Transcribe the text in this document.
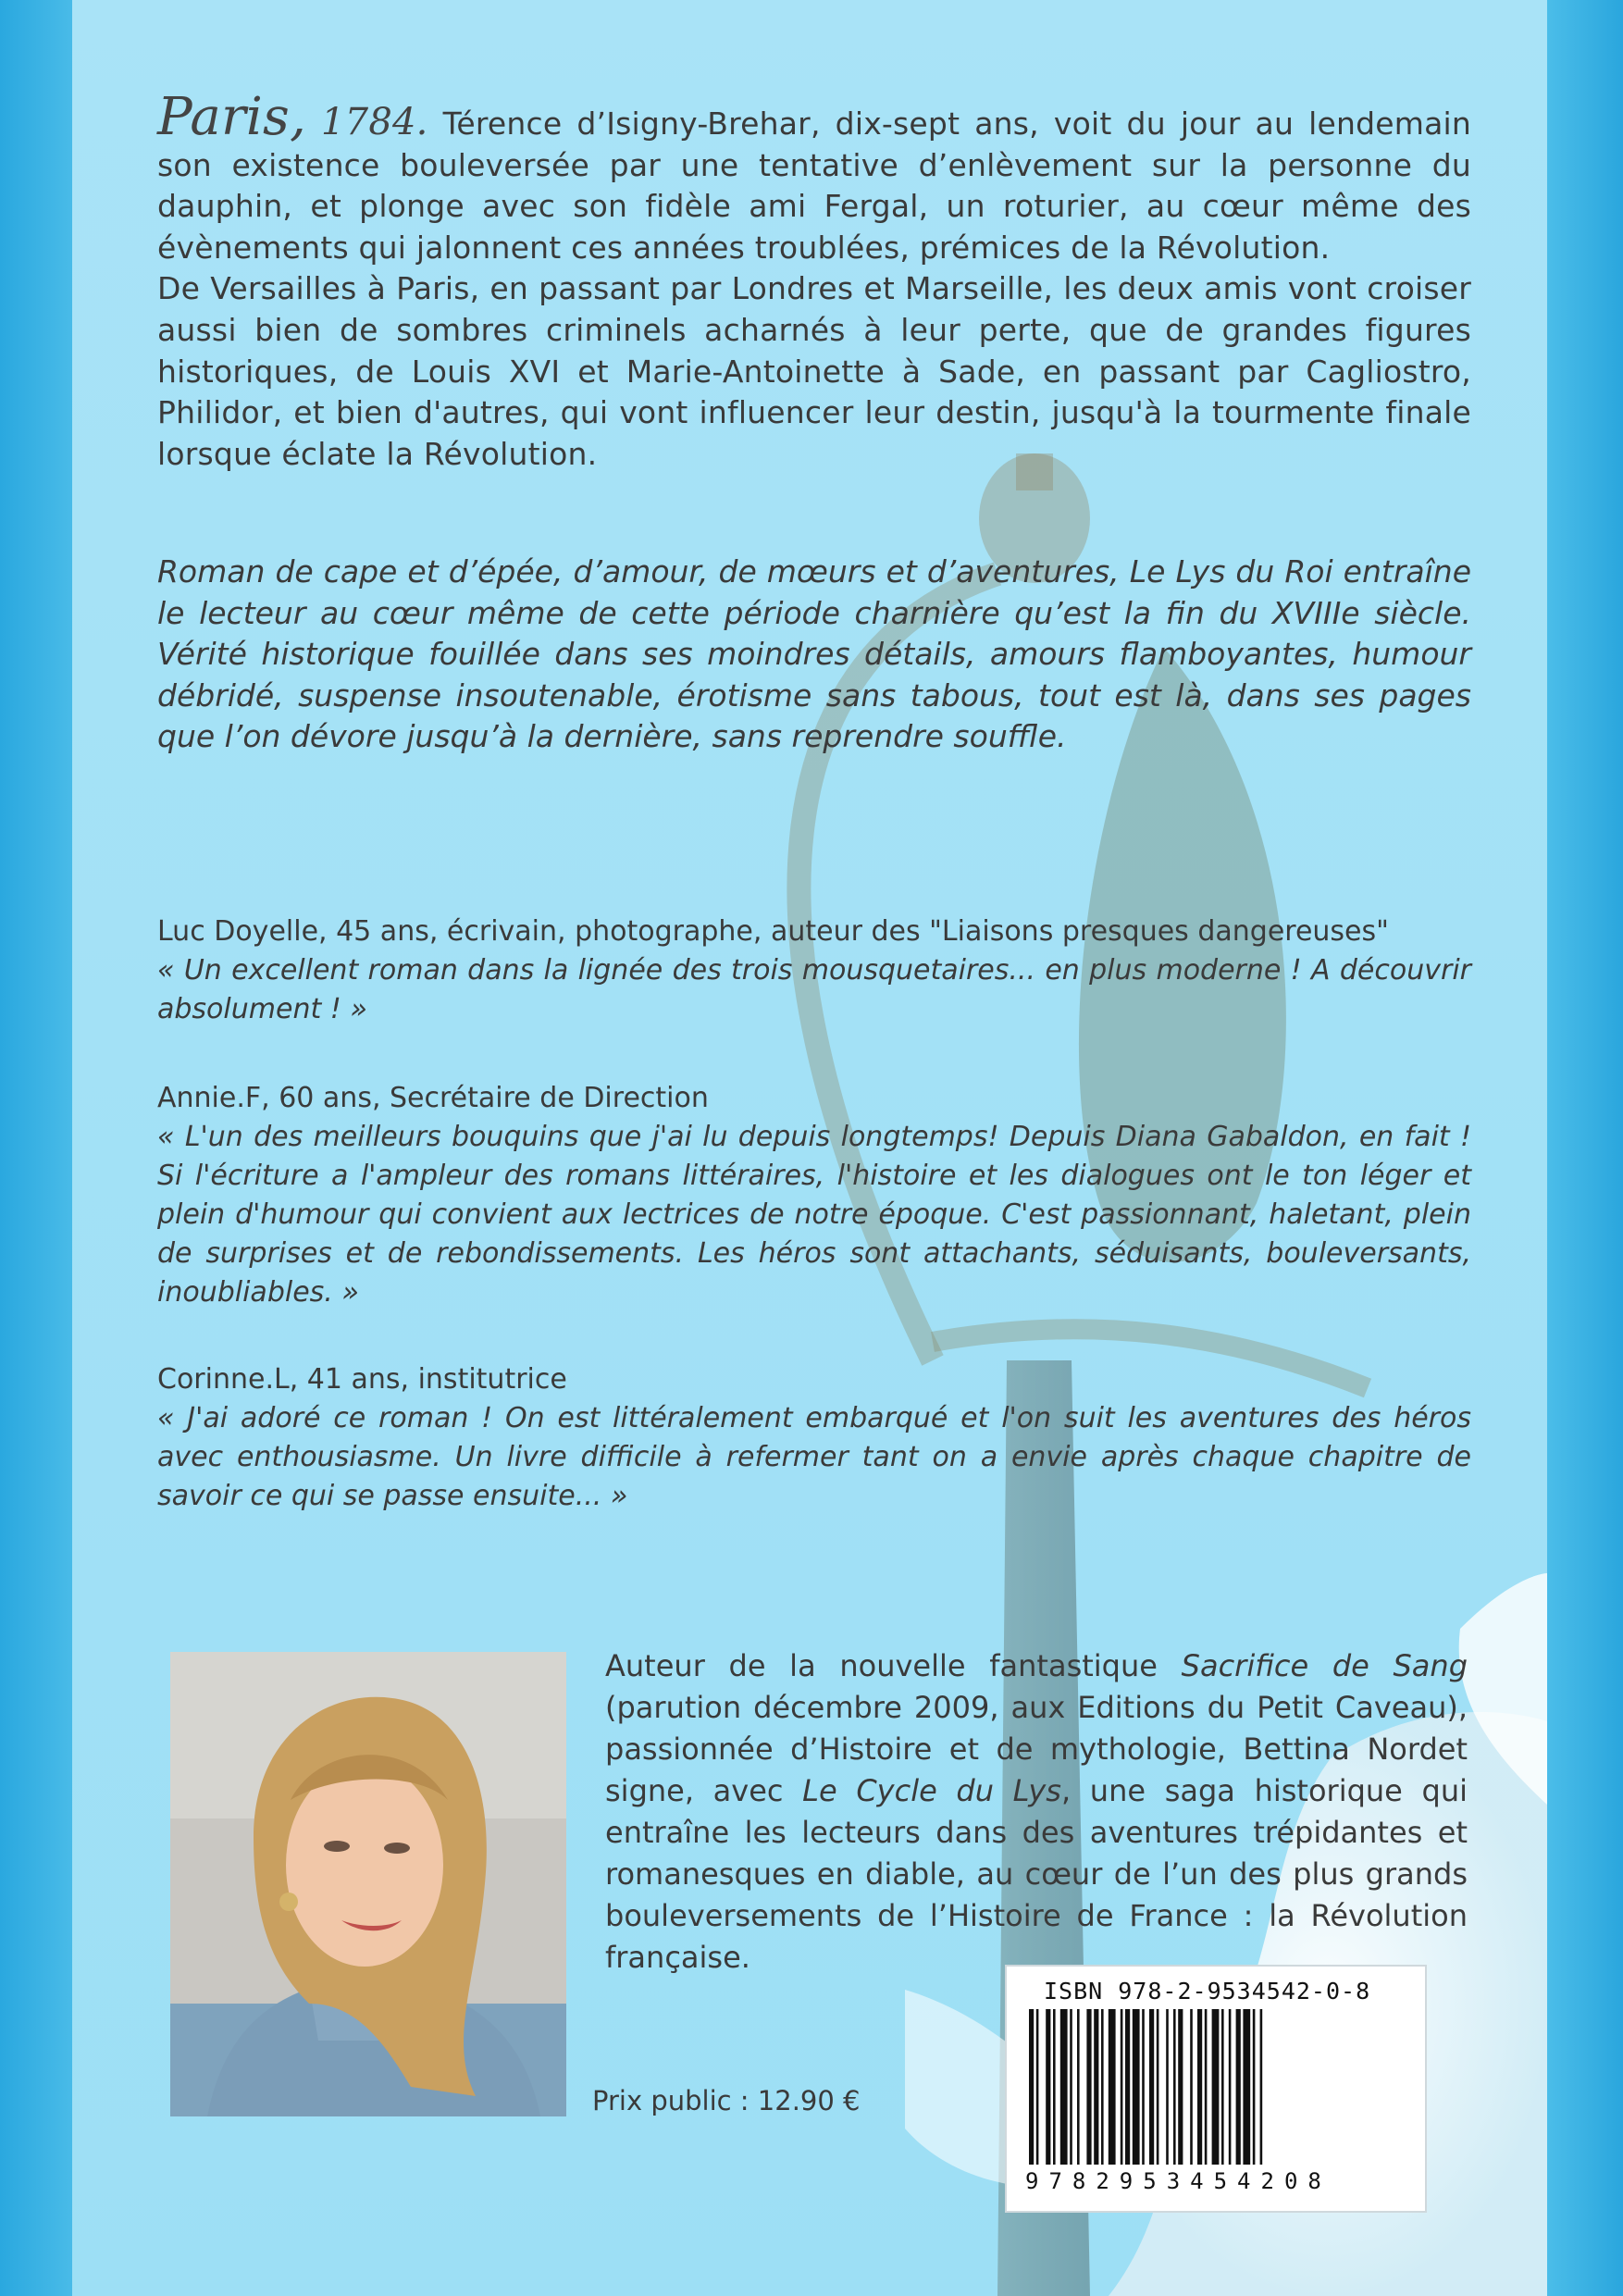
Paris, 1784. Térence d’Isigny-Brehar, dix-sept ans, voit du jour au lendemain son existence bouleversée par une tentative d’enlèvement sur la personne du dauphin, et plonge avec son fidèle ami Fergal, un roturier, au cœur même des évènements qui jalonnent ces années troublées, prémices de la Révolution.

De Versailles à Paris, en passant par Londres et Marseille, les deux amis vont croiser aussi bien de sombres criminels acharnés à leur perte, que de grandes figures historiques, de Louis XVI et Marie-Antoinette à Sade, en passant par Cagliostro, Philidor, et bien d'autres, qui vont influencer leur destin, jusqu'à la tourmente finale lorsque éclate la Révolution.

Roman de cape et d’épée, d’amour, de mœurs et d’aventures, Le Lys du Roi entraîne le lecteur au cœur même de cette période charnière qu’est la fin du XVIIIe siècle. Vérité historique fouillée dans ses moindres détails, amours flamboyantes, humour débridé, suspense insoutenable, érotisme sans tabous, tout est là, dans ses pages que l’on dévore jusqu’à la dernière, sans reprendre souffle.

Luc Doyelle, 45 ans, écrivain, photographe, auteur des "Liaisons presques dangereuses"

« Un excellent roman dans la lignée des trois mousquetaires... en plus moderne ! A découvrir absolument ! »

Annie.F, 60 ans, Secrétaire de Direction

« L'un des meilleurs bouquins que j'ai lu depuis longtemps! Depuis Diana Gabaldon, en fait ! Si l'écriture a l'ampleur des romans littéraires, l'histoire et les dialogues ont le ton léger et plein d'humour qui convient aux lectrices de notre époque. C'est passionnant, haletant, plein de surprises et de rebondissements. Les héros sont attachants, séduisants, bouleversants, inoubliables. »

Corinne.L, 41 ans, institutrice

« J'ai adoré ce roman ! On est littéralement embarqué et l'on suit les aventures des héros avec enthousiasme. Un livre difficile à refermer tant on a envie après chaque chapitre de savoir ce qui se passe ensuite... »

Auteur de la nouvelle fantastique Sacrifice de Sang (parution décembre 2009, aux Editions du Petit Caveau), passionnée d’Histoire et de mythologie, Bettina Nordet signe, avec Le Cycle du Lys, une saga historique qui entraîne les lecteurs dans des aventures trépidantes et romanesques en diable, au cœur de l’un des plus grands bouleversements de l’Histoire de France : la Révolution française.

Prix public : 12.90 €
ISBN 978-2-9534542-0-8
9782953454208
